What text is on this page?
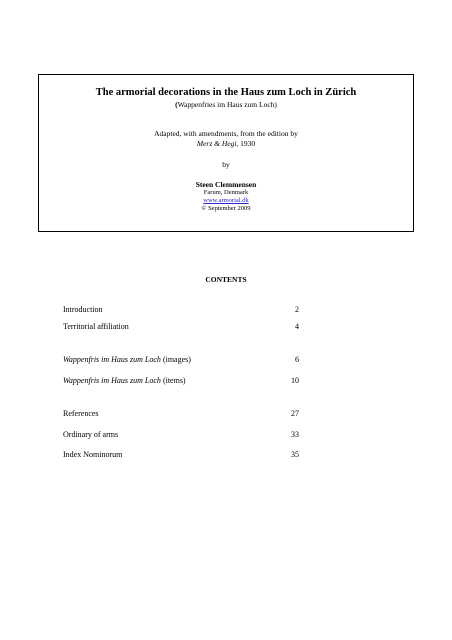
The armorial decorations in the Haus zum Loch in Zürich
(Wappenfries im Haus zum Loch)
Adapted, with amendments, from the edition by
Merz & Hegi, 1930
by
Steen Clemmensen
Farum, Denmark
www.armorial.dk
© September 2009
CONTENTS
Introduction	2
Territorial affiliation	4
Wappenfris im Haus zum Loch (images)	6
Wappenfris im Haus zum Loch (items)	10
References	27
Ordinary of arms	33
Index Nominorum	35
